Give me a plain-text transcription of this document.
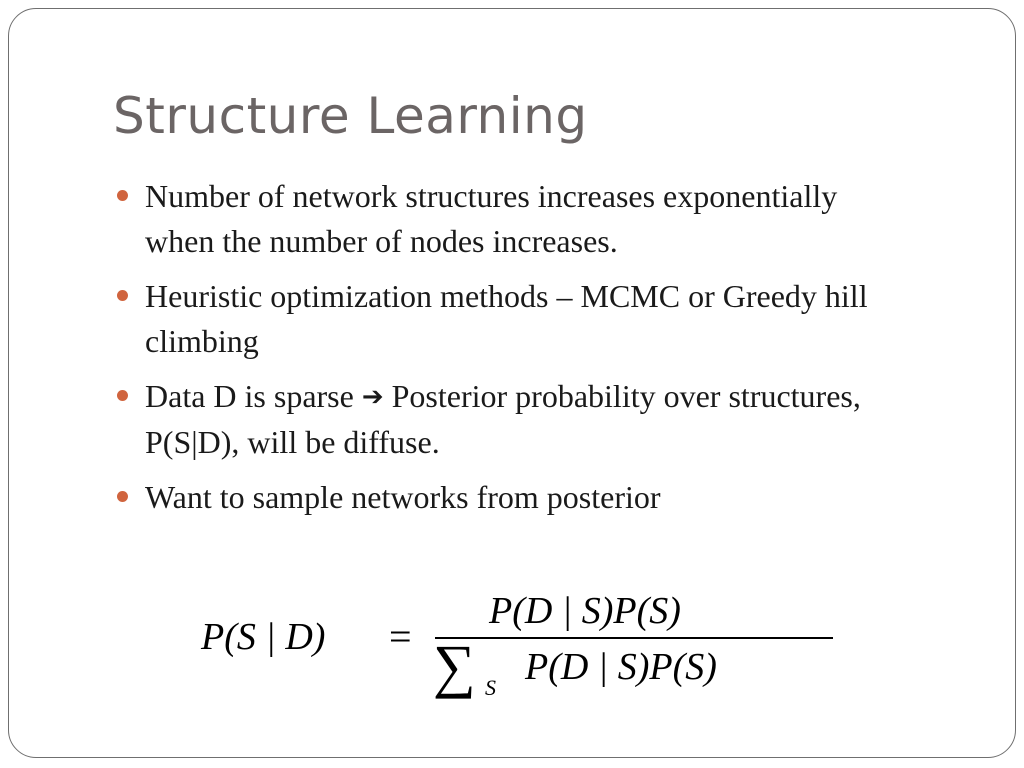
Structure Learning
Number of network structures increases exponentially when the number of nodes increases.
Heuristic optimization methods – MCMC or Greedy hill climbing
Data D is sparse ➔ Posterior probability over structures, P(S|D), will be diffuse.
Want to sample networks from posterior
P(S | D) =
P(D | S)P(S)
∑ S P(D | S)P(S)
